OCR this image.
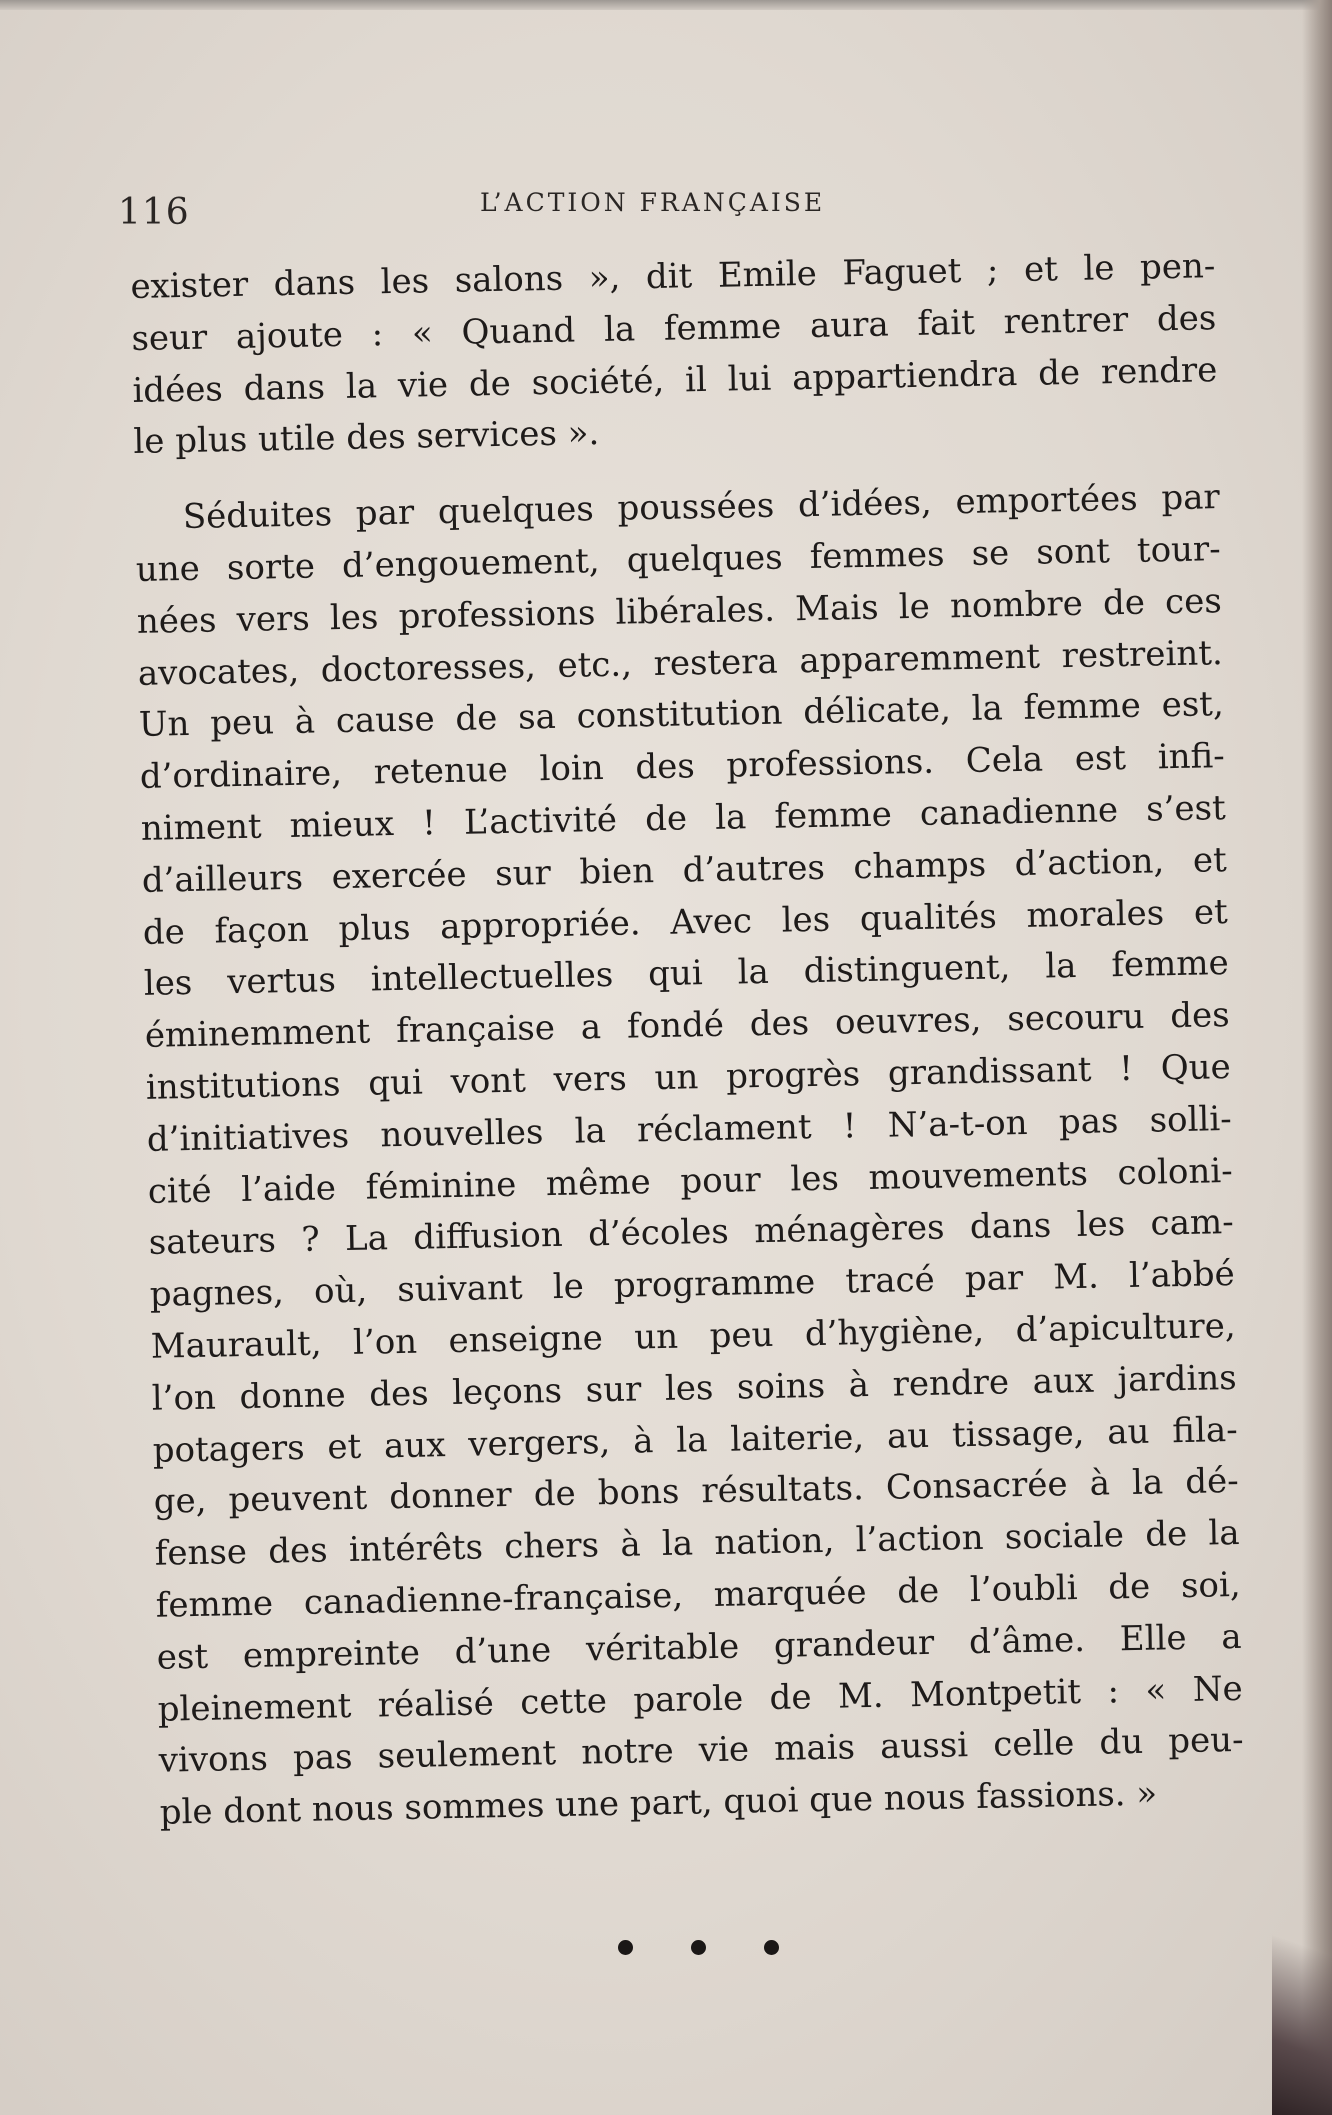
116	L’ACTION FRANÇAISE
exister dans les salons », dit Emile Faguet ; et le pen-
seur ajoute : « Quand la femme aura fait rentrer des
idées dans la vie de société, il lui appartiendra de rendre
le plus utile des services ».
Séduites par quelques poussées d’idées, emportées par
une sorte d’engouement, quelques femmes se sont tour-
nées vers les professions libérales. Mais le nombre de ces
avocates, doctoresses, etc., restera apparemment restreint.
Un peu à cause de sa constitution délicate, la femme est,
d’ordinaire, retenue loin des professions. Cela est infi-
niment mieux ! L’activité de la femme canadienne s’est
d’ailleurs exercée sur bien d’autres champs d’action, et
de façon plus appropriée. Avec les qualités morales et
les vertus intellectuelles qui la distinguent, la femme
éminemment française a fondé des oeuvres, secouru des
institutions qui vont vers un progrès grandissant ! Que
d’initiatives nouvelles la réclament ! N’a-t-on pas solli-
cité l’aide féminine même pour les mouvements coloni-
sateurs ? La diffusion d’écoles ménagères dans les cam-
pagnes, où, suivant le programme tracé par M. l’abbé
Maurault, l’on enseigne un peu d’hygiène, d’apiculture,
l’on donne des leçons sur les soins à rendre aux jardins
potagers et aux vergers, à la laiterie, au tissage, au fila-
ge, peuvent donner de bons résultats. Consacrée à la dé-
fense des intérêts chers à la nation, l’action sociale de la
femme canadienne-française, marquée de l’oubli de soi,
est empreinte d’une véritable grandeur d’âme. Elle a
pleinement réalisé cette parole de M. Montpetit : « Ne
vivons pas seulement notre vie mais aussi celle du peu-
ple dont nous sommes une part, quoi que nous fassions. »
